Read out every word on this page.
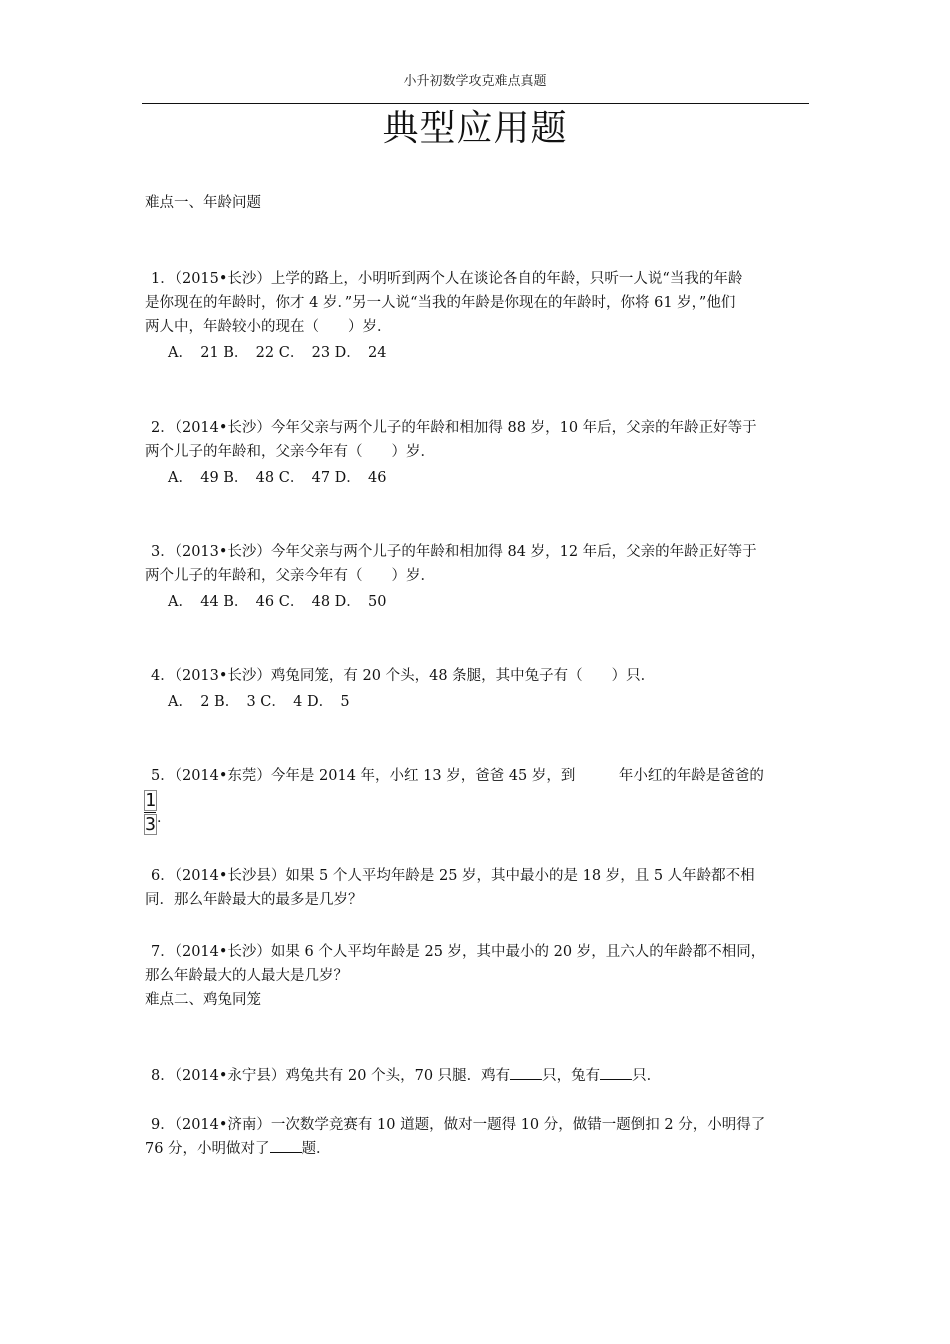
小升初数学攻克难点真题
典型应用题
难点一、年龄问题
1．（2015•长沙）上学的路上，小明听到两个人在谈论各自的年龄，只听一人说“当我的年龄
是你现在的年龄时，你才 4 岁．”另一人说“当我的年龄是你现在的年龄时，你将 61 岁，”他们
两人中，年龄较小的现在（　　）岁．
A．　21 B．　22 C．　23 D．　24
2．（2014•长沙）今年父亲与两个儿子的年龄和相加得 88 岁，10 年后，父亲的年龄正好等于
两个儿子的年龄和，父亲今年有（　　）岁．
A．　49 B．　48 C．　47 D．　46
3．（2013•长沙）今年父亲与两个儿子的年龄和相加得 84 岁，12 年后，父亲的年龄正好等于
两个儿子的年龄和，父亲今年有（　　）岁．
A．　44 B．　46 C．　48 D．　50
4．（2013•长沙）鸡兔同笼，有 20 个头，48 条腿，其中兔子有（　　）只．
A．　2 B．　3 C．　4 D．　5
5．（2014•东莞）今年是 2014 年，小红 13 岁，爸爸 45 岁，到　　　年小红的年龄是爸爸的
$\frac{1}{3}$ .
6．（2014•长沙县）如果 5 个人平均年龄是 25 岁，其中最小的是 18 岁，且 5 人年龄都不相
同．那么年龄最大的最多是几岁？
7．（2014•长沙）如果 6 个人平均年龄是 25 岁，其中最小的 20 岁，且六人的年龄都不相同，
那么年龄最大的人最大是几岁？
难点二、鸡兔同笼
8．（2014•永宁县）鸡兔共有 20 个头，70 只腿．鸡有 只，兔有 只．
9．（2014•济南）一次数学竞赛有 10 道题，做对一题得 10 分，做错一题倒扣 2 分，小明得了
76 分，小明做对了 题．
